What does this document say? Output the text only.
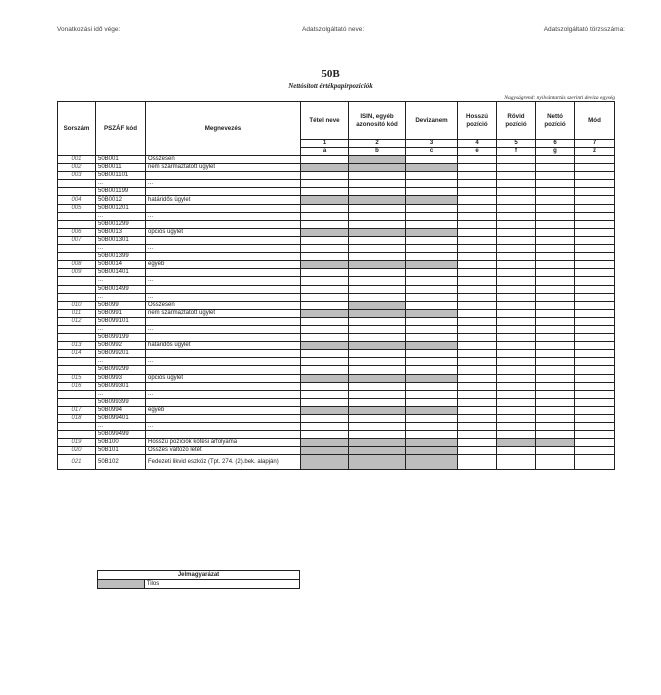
Vonatkozási idő vége:	Adatszolgáltató neve:	Adatszolgáltató törzsszáma:
50B
Nettósított értékpapírpozíciók
Nagyságrend: nyilvántartás szerinti deviza egység
Sorszám	PSZÁF kód	Megnevezés	Tétel neve	ISIN, egyéb azonosító kód	Devizanem	Hosszú pozíció	Rövid pozíció	Nettó pozíció	Mód
			1	2	3	4	5	6	7
			a	b	c	e	f	g	z
001	50B001	Összesen							
002	50B0011	nem származtatott ügylet							
003	50B001101								
	...	...							
	50B001199								
004	50B0012	határidős ügylet							
005	50B001201								
	...	...							
	50B001299								
006	50B0013	opciós ügylet							
007	50B001301								
	...	...							
	50B001399								
008	50B0014	egyéb							
009	50B001401								
	...	...							
	50B001499								
	...	...							
010	50B099	Összesen							
011	50B0991	nem származtatott ügylet							
012	50B099101								
	...	...							
	50B099199								
013	50B0992	határidős ügylet							
014	50B099201								
	...	...							
	50B099299								
015	50B0993	opciós ügylet							
016	50B099301								
	...	...							
	50B099399								
017	50B0994	egyéb							
018	50B099401								
	...	...							
	50B099499								
019	50B100	Hosszú pozíciók kötési árfolyama							
020	50B101	Összes változó letét							
021	50B102	Fedezeti likvid eszköz (Tpt. 274. (2).bek. alapján)							
Jelmagyarázat
	Tilos
